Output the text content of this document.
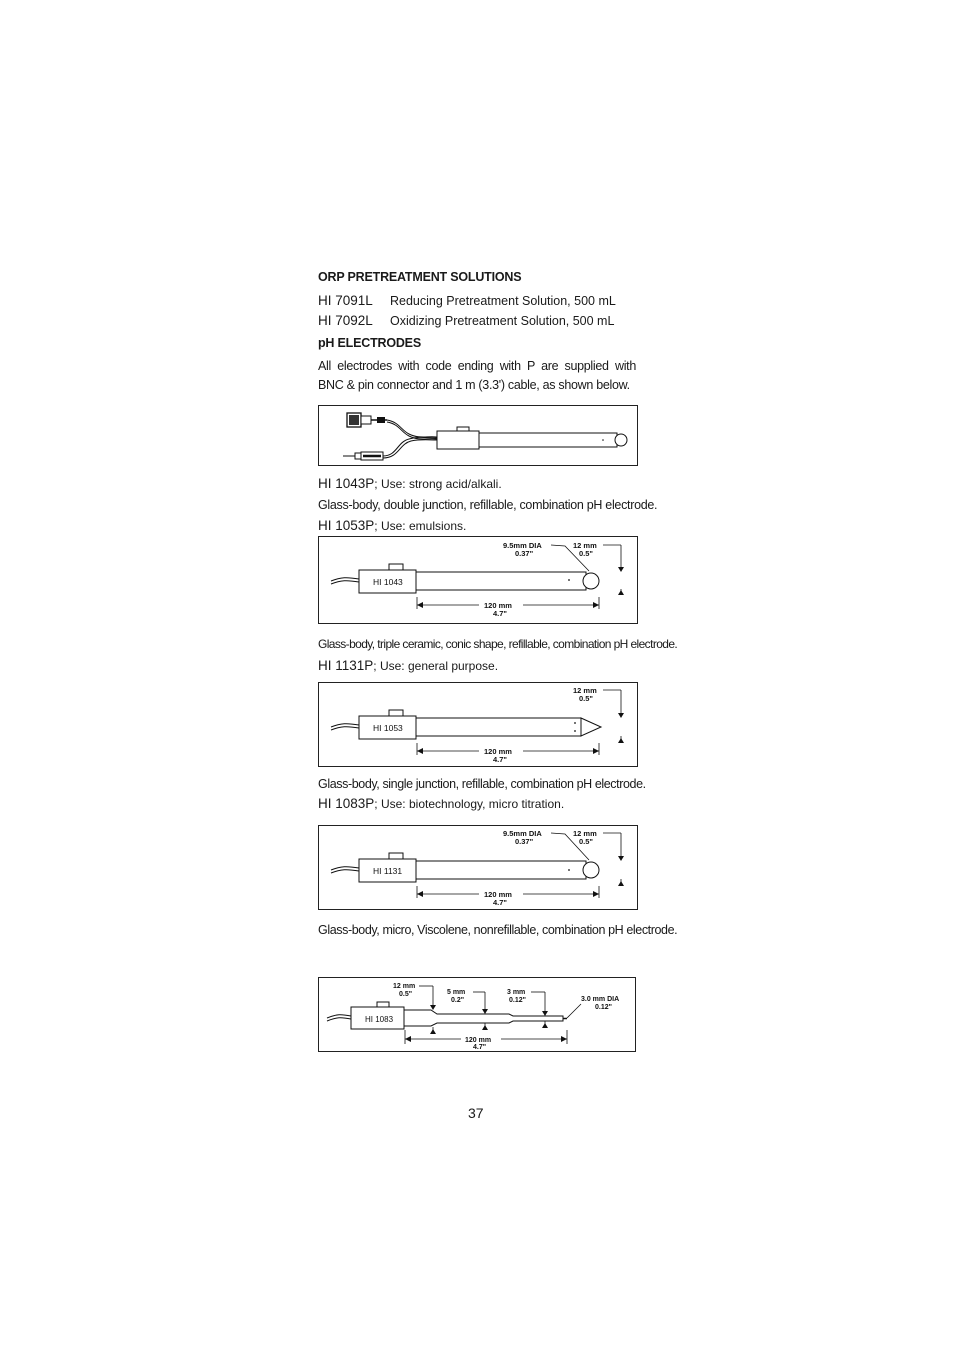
ORP PRETREATMENT SOLUTIONS
HI 7091L Reducing Pretreatment Solution, 500 mL
HI 7092L Oxidizing Pretreatment Solution, 500 mL
pH ELECTRODES
All electrodes with code ending with P are supplied with BNC & pin connector and 1 m (3.3') cable, as shown below.
HI 1043P; Use: strong acid/alkali.
Glass-body, double junction, refillable, combination pH electrode.
HI 1053P; Use: emulsions.
HI 1043
9.5mm DIA
0.37"
12 mm
0.5"
120 mm
4.7"
Glass-body, triple ceramic, conic shape, refillable, combination pH electrode.
HI 1131P; Use: general purpose.
HI 1053
12 mm
0.5"
120 mm
4.7"
Glass-body, single junction, refillable, combination pH electrode.
HI 1083P; Use: biotechnology, micro titration.
HI 1131
9.5mm DIA
0.37"
12 mm
0.5"
120 mm
4.7"
Glass-body, micro, Viscolene, nonrefillable, combination pH electrode.
HI 1083
12 mm
0.5"	5 mm
0.2"
3 mm
0.12"	3.0 mm DIA
0.12"
120 mm
4.7"
37
